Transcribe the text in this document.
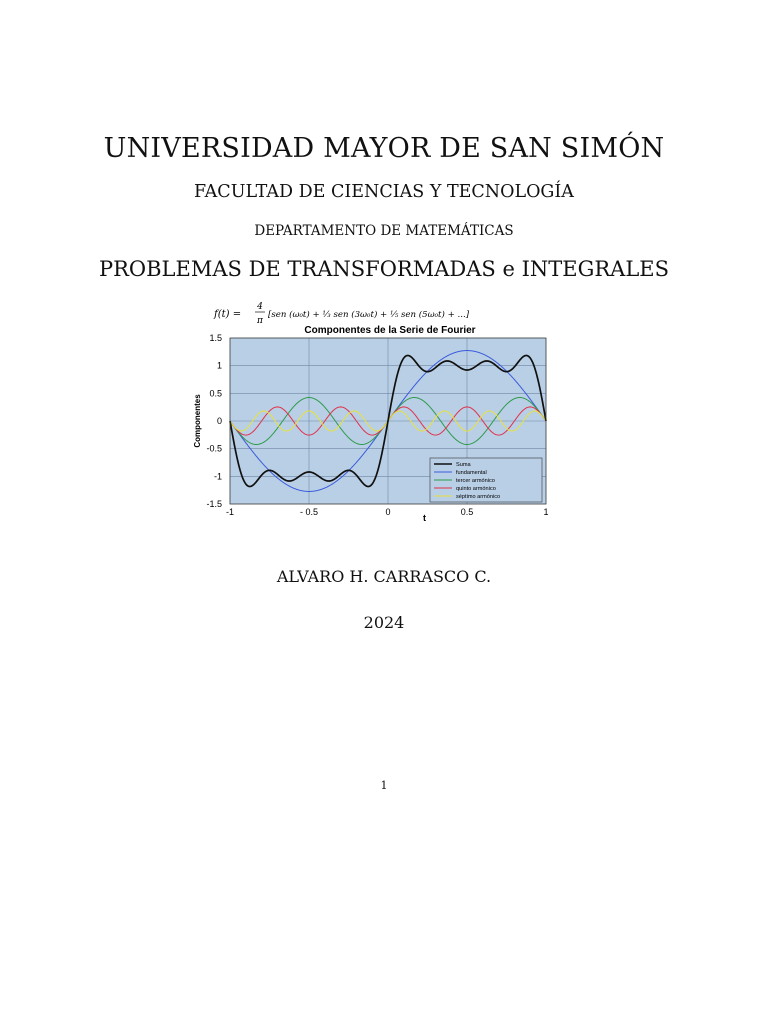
UNIVERSIDAD MAYOR DE SAN SIMÓN
FACULTAD DE CIENCIAS Y TECNOLOGÍA
DEPARTAMENTO DE MATEMÁTICAS
PROBLEMAS DE TRANSFORMADAS e INTEGRALES
f(t) =
4
π
[sen (ω₀t) + ⅓ sen (3ω₀t) + ⅕ sen (5ω₀t) + ...]
Componentes de la Serie de Fourier
-1	- 0.5	0	0.5	1
1.5
1
0.5
0
-0.5
-1
-1.5
Componentes
t
Suma
fundamental
tercer armónico
quinto armónico
séptimo armónico
ALVARO H. CARRASCO C.
2024
1
